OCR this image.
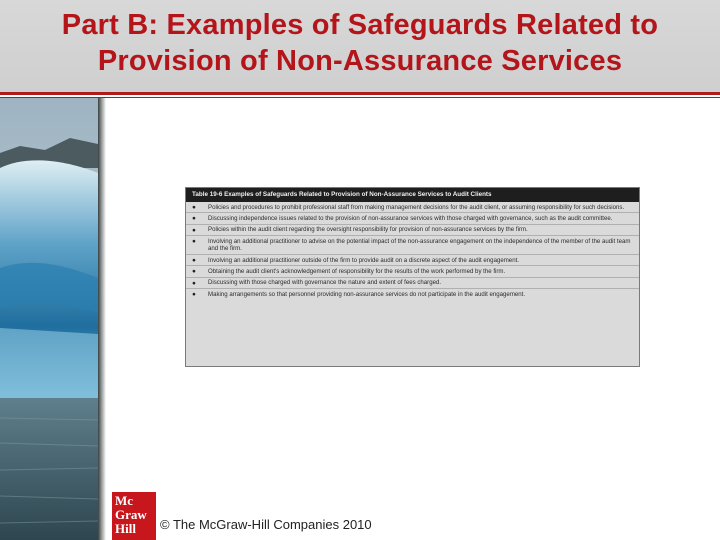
Part B: Examples of Safeguards Related to
Provision of Non-Assurance Services
Table 19-6 Examples of Safeguards Related to Provision of Non-Assurance Services to Audit Clients
● Policies and procedures to prohibit professional staff from making management decisions for the audit client, or assuming responsibility for such decisions.
● Discussing independence issues related to the provision of non-assurance services with those charged with governance, such as the audit committee.
● Policies within the audit client regarding the oversight responsibility for provision of non-assurance services by the firm.
● Involving an additional practitioner to advise on the potential impact of the non-assurance engagement on the independence of the member of the audit team and the firm.
● Involving an additional practitioner outside of the firm to provide audit on a discrete aspect of the audit engagement.
● Obtaining the audit client's acknowledgement of responsibility for the results of the work performed by the firm.
● Discussing with those charged with governance the nature and extent of fees charged.
● Making arrangements so that personnel providing non-assurance services do not participate in the audit engagement.
Mc
Graw
Hill	© The McGraw-Hill Companies 2010
